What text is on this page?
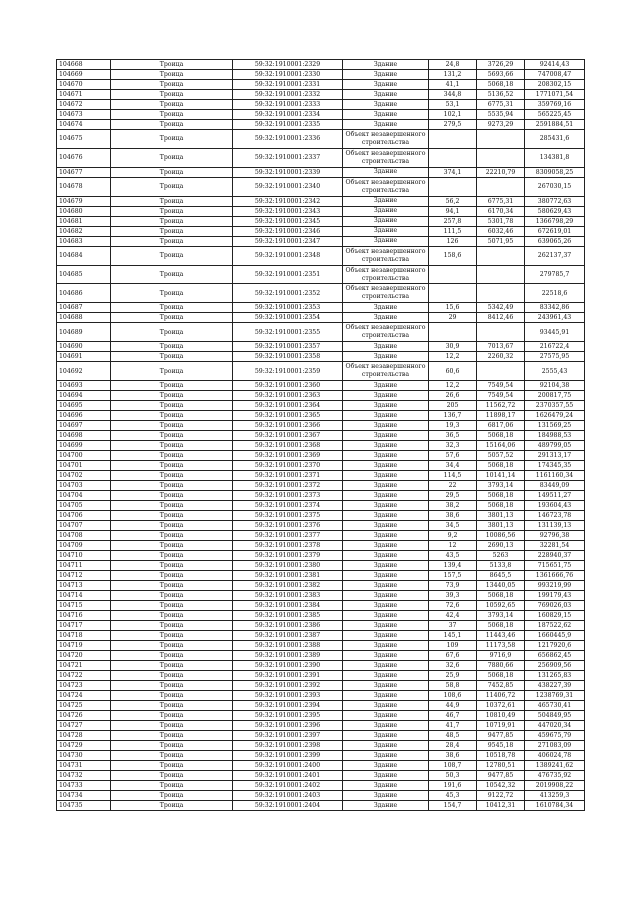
104668	Троица	59:32:1910001:2329	Здание	24,8	3726,29	92414,43
104669	Троица	59:32:1910001:2330	Здание	131,2	5693,66	747008,47
104670	Троица	59:32:1910001:2331	Здание	41,1	5068,18	208302,15
104671	Троица	59:32:1910001:2332	Здание	344,8	5136,52	1771071,54
104672	Троица	59:32:1910001:2333	Здание	53,1	6775,31	359769,16
104673	Троица	59:32:1910001:2334	Здание	102,1	5535,94	565225,45
104674	Троица	59:32:1910001:2335	Здание	279,5	9273,29	2591884,51
104675	Троица	59:32:1910001:2336	Объект незавершенного строительства			285431,6
104676	Троица	59:32:1910001:2337	Объект незавершенного строительства			134381,8
104677	Троица	59:32:1910001:2339	Здание	374,1	22210,79	8309058,25
104678	Троица	59:32:1910001:2340	Объект незавершенного строительства			267030,15
104679	Троица	59:32:1910001:2342	Здание	56,2	6775,31	380772,63
104680	Троица	59:32:1910001:2343	Здание	94,1	6170,34	580629,43
104681	Троица	59:32:1910001:2345	Здание	257,8	5301,78	1366798,29
104682	Троица	59:32:1910001:2346	Здание	111,5	6032,46	672619,01
104683	Троица	59:32:1910001:2347	Здание	126	5071,95	639065,26
104684	Троица	59:32:1910001:2348	Объект незавершенного строительства	158,6		262137,37
104685	Троица	59:32:1910001:2351	Объект незавершенного строительства			279785,7
104686	Троица	59:32:1910001:2352	Объект незавершенного строительства			22518,6
104687	Троица	59:32:1910001:2353	Здание	15,6	5342,49	83342,86
104688	Троица	59:32:1910001:2354	Здание	29	8412,46	243961,43
104689	Троица	59:32:1910001:2355	Объект незавершенного строительства			93445,91
104690	Троица	59:32:1910001:2357	Здание	30,9	7013,67	216722,4
104691	Троица	59:32:1910001:2358	Здание	12,2	2260,32	27575,95
104692	Троица	59:32:1910001:2359	Объект незавершенного строительства	60,6		2555,43
104693	Троица	59:32:1910001:2360	Здание	12,2	7549,54	92104,38
104694	Троица	59:32:1910001:2363	Здание	26,6	7549,54	200817,75
104695	Троица	59:32:1910001:2364	Здание	205	11562,72	2370357,55
104696	Троица	59:32:1910001:2365	Здание	136,7	11898,17	1626479,24
104697	Троица	59:32:1910001:2366	Здание	19,3	6817,06	131569,25
104698	Троица	59:32:1910001:2367	Здание	36,5	5068,18	184988,53
104699	Троица	59:32:1910001:2368	Здание	32,3	15164,06	489799,05
104700	Троица	59:32:1910001:2369	Здание	57,6	5057,52	291313,17
104701	Троица	59:32:1910001:2370	Здание	34,4	5068,18	174345,35
104702	Троица	59:32:1910001:2371	Здание	114,5	10141,14	1161160,34
104703	Троица	59:32:1910001:2372	Здание	22	3793,14	83449,09
104704	Троица	59:32:1910001:2373	Здание	29,5	5068,18	149511,27
104705	Троица	59:32:1910001:2374	Здание	38,2	5068,18	193604,43
104706	Троица	59:32:1910001:2375	Здание	38,6	3801,13	146723,78
104707	Троица	59:32:1910001:2376	Здание	34,5	3801,13	131139,13
104708	Троица	59:32:1910001:2377	Здание	9,2	10086,56	92796,38
104709	Троица	59:32:1910001:2378	Здание	12	2690,13	32281,54
104710	Троица	59:32:1910001:2379	Здание	43,5	5263	228940,37
104711	Троица	59:32:1910001:2380	Здание	139,4	5133,8	715651,75
104712	Троица	59:32:1910001:2381	Здание	157,5	8645,5	1361666,76
104713	Троица	59:32:1910001:2382	Здание	73,9	13440,05	993219,99
104714	Троица	59:32:1910001:2383	Здание	39,3	5068,18	199179,43
104715	Троица	59:32:1910001:2384	Здание	72,6	10592,65	769026,03
104716	Троица	59:32:1910001:2385	Здание	42,4	3793,14	160829,15
104717	Троица	59:32:1910001:2386	Здание	37	5068,18	187522,62
104718	Троица	59:32:1910001:2387	Здание	145,1	11443,46	1660445,9
104719	Троица	59:32:1910001:2388	Здание	109	11173,58	1217920,6
104720	Троица	59:32:1910001:2389	Здание	67,6	9716,9	656862,45
104721	Троица	59:32:1910001:2390	Здание	32,6	7880,66	256909,56
104722	Троица	59:32:1910001:2391	Здание	25,9	5068,18	131265,83
104723	Троица	59:32:1910001:2392	Здание	58,8	7452,85	438227,39
104724	Троица	59:32:1910001:2393	Здание	108,6	11406,72	1238769,31
104725	Троица	59:32:1910001:2394	Здание	44,9	10372,61	465730,41
104726	Троица	59:32:1910001:2395	Здание	46,7	10810,49	504849,95
104727	Троица	59:32:1910001:2396	Здание	41,7	10719,91	447020,34
104728	Троица	59:32:1910001:2397	Здание	48,5	9477,85	459675,79
104729	Троица	59:32:1910001:2398	Здание	28,4	9545,18	271083,09
104730	Троица	59:32:1910001:2399	Здание	38,6	10518,78	406024,78
104731	Троица	59:32:1910001:2400	Здание	108,7	12780,51	1389241,62
104732	Троица	59:32:1910001:2401	Здание	50,3	9477,85	476735,92
104733	Троица	59:32:1910001:2402	Здание	191,6	10542,32	2019908,22
104734	Троица	59:32:1910001:2403	Здание	45,3	9122,72	413259,3
104735	Троица	59:32:1910001:2404	Здание	154,7	10412,31	1610784,34
